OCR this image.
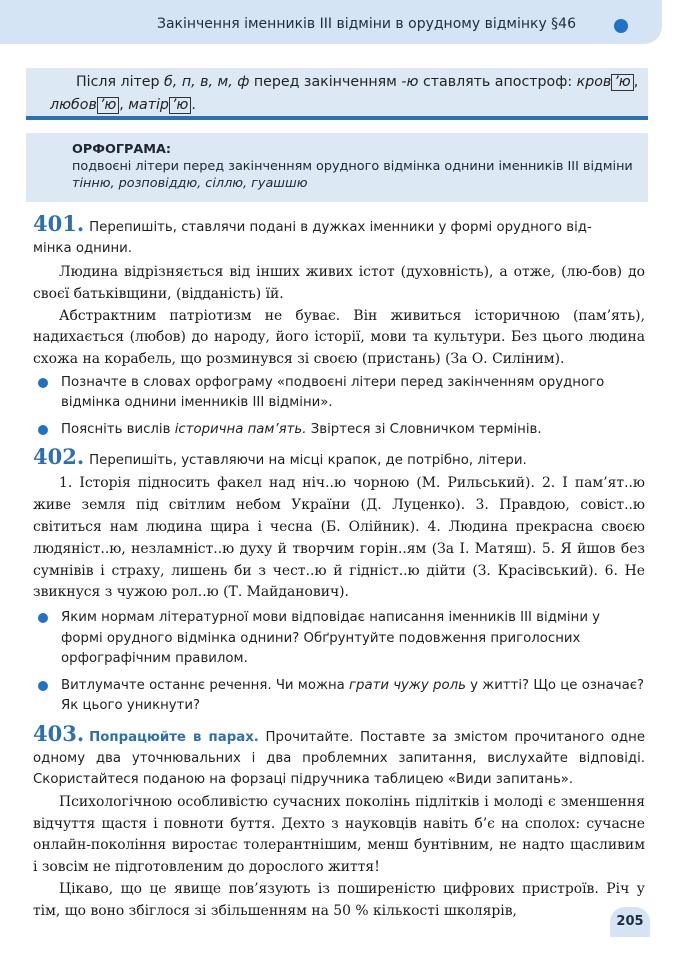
Закінчення іменників ІІІ відміни в орудному відмінку §46
Після літер б, п, в, м, ф перед закінченням -ю ставлять апостроф: кров ’ю ,
любов ’ю , матір ’ю .
ОРФОГРАМА:
подвоєні літери перед закінченням орудного відмінка однини іменників ІІІ відміни
тінню, розповіддю, сіллю, гуашшю
401. Перепишіть, ставлячи подані в дужках іменники у формі орудного від-
мінка однини.

Людина відрізняється від інших живих істот (духовність), а отже, (лю-бов) до своєї батьківщини, (відданість) їй.

Абстрактним патріотизм не буває. Він живиться історичною (пам’ять), надихається (любов) до народу, його історії, мови та культури. Без цього людина схожа на корабель, що розминувся зі своєю (пристань) (За О. Силіним).

Позначте в словах орфограму «подвоєні літери перед закінченням орудного відмінка однини іменників ІІІ відміни».
Поясніть вислів історична пам’ять. Звіртеся зі Словничком термінів.
402. Перепишіть, уставляючи на місці крапок, де потрібно, літери.

1. Історія підносить факел над ніч..ю чорною (М. Рильський). 2. І пам’ят..ю живе земля під світлим небом України (Д. Луценко). 3. Правдою, совіст..ю світиться нам людина щира і чесна (Б. Олійник). 4. Людина прекрасна своєю людяніст..ю, незламніст..ю духу й творчим горін..ям (За І. Матяш). 5. Я йшов без сумнівів і страху, лишень би з чест..ю й гідніст..ю дійти (З. Красівський). 6. Не звикнуся з чужою рол..ю (Т. Майданович).

Яким нормам літературної мови відповідає написання іменників ІІІ відміни у формі орудного відмінка однини? Обґрунтуйте подовження приголосних орфографічним правилом.
Витлумачте останнє речення. Чи можна грати чужу роль у житті? Що це означає? Як цього уникнути?
403. Попрацюйте в парах. Прочитайте. Поставте за змістом прочитаного одне одному два уточнювальних і два проблемних запитання, вислухайте відповіді. Скористайтеся поданою на форзаці підручника таблицею «Види запитань».

Психологічною особливістю сучасних поколінь підлітків і молоді є зменшення відчуття щастя і повноти буття. Дехто з науковців навіть б’є на сполох: сучасне онлайн-покоління виростає толерантнішим, менш бунтівним, не надто щасливим і зовсім не підготовленим до дорослого життя!

Цікаво, що це явище пов’язують із поширеністю цифрових пристроїв. Річ у тім, що воно збіглося зі збільшенням на 50 % кількості школярів,

205
